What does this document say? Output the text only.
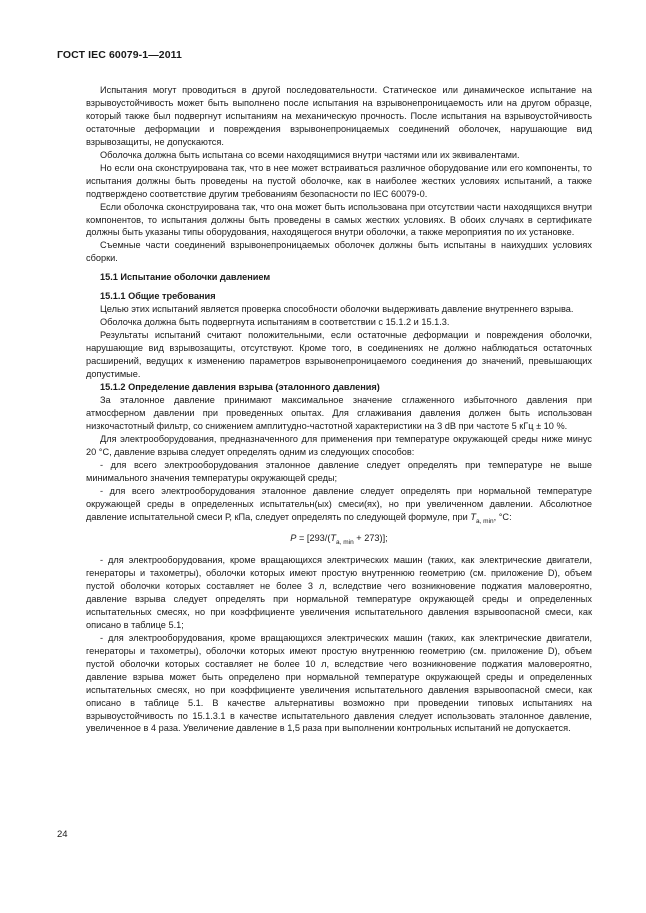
ГОСТ IEC 60079-1—2011

Испытания могут проводиться в другой последовательности. Статическое или динамическое испытание на взрывоустойчивость может быть выполнено после испытания на взрывонепроницаемость или на другом образце, который также был подвергнут испытаниям на механическую прочность. После испытания на взрывоустойчивость остаточные деформации и повреждения взрывонепроницаемых соединений оболочек, нарушающие вид взрывозащиты, не допускаются.

Оболочка должна быть испытана со всеми находящимися внутри частями или их эквивалентами.

Но если она сконструирована так, что в нее может встраиваться различное оборудование или его компоненты, то испытания должны быть проведены на пустой оболочке, как в наиболее жестких условиях испытаний, а также подтверждено соответствие другим требованиям безопасности по IEC 60079-0.

Если оболочка сконструирована так, что она может быть использована при отсутствии части находящихся внутри компонентов, то испытания должны быть проведены в самых жестких условиях. В обоих случаях в сертификате должны быть указаны типы оборудования, находящегося внутри оболочки, а также мероприятия по их установке.

Съемные части соединений взрывонепроницаемых оболочек должны быть испытаны в наихудших условиях сборки.

15.1 Испытание оболочки давлением

15.1.1 Общие требования

Целью этих испытаний является проверка способности оболочки выдерживать давление внутреннего взрыва.

Оболочка должна быть подвергнута испытаниям в соответствии с 15.1.2 и 15.1.3.

Результаты испытаний считают положительными, если остаточные деформации и повреждения оболочки, нарушающие вид взрывозащиты, отсутствуют. Кроме того, в соединениях не должно наблюдаться остаточных расширений, ведущих к изменению параметров взрывонепроницаемого соединения до значений, превышающих допустимые.

15.1.2 Определение давления взрыва (эталонного давления)

За эталонное давление принимают максимальное значение сглаженного избыточного давления при атмосферном давлении при проведенных опытах. Для сглаживания давления должен быть использован низкочастотный фильтр, со снижением амплитудно-частотной характеристики на 3 dB при частоте 5 кГц ± 10 %.

Для электрооборудования, предназначенного для применения при температуре окружающей среды ниже минус 20 °С, давление взрыва следует определять одним из следующих способов:

- для всего электрооборудования эталонное давление следует определять при температуре не выше минимального значения температуры окружающей среды;

- для всего электрооборудования эталонное давление следует определять при нормальной температуре окружающей среды в определенных испытательн(ых) смеси(ях), но при увеличенном давлении. Абсолютное давление испытательной смеси Р, кПа, следует определять по следующей формуле, при $T_{a, min}$, °С:

$P = [293/(T_{a, min} + 273)]$;

- для электрооборудования, кроме вращающихся электрических машин (таких, как электрические двигатели, генераторы и тахометры), оболочки которых имеют простую внутреннюю геометрию (см. приложение D), объем пустой оболочки которых составляет не более 3 л, вследствие чего возникновение поджатия маловероятно, давление взрыва следует определять при нормальной температуре окружающей среды и определенных испытательных смесях, но при коэффициенте увеличения испытательного давления взрывоопасной смеси, как описано в таблице 5.1;

- для электрооборудования, кроме вращающихся электрических машин (таких, как электрические двигатели, генераторы и тахометры), оболочки которых имеют простую внутреннюю геометрию (см. приложение D), объем пустой оболочки которых составляет не более 10 л, вследствие чего возникновение поджатия маловероятно, давление взрыва может быть определено при нормальной температуре окружающей среды и определенных испытательных смесях, но при коэффициенте увеличения испытательного давления взрывоопасной смеси, как описано в таблице 5.1. В качестве альтернативы возможно при проведении типовых испытаниях на взрывоустойчивость по 15.1.3.1 в качестве испытательного давления следует использовать эталонное давление, увеличенное в 4 раза. Увеличение давление в 1,5 раза при выполнении контрольных испытаний не допускается.

24
